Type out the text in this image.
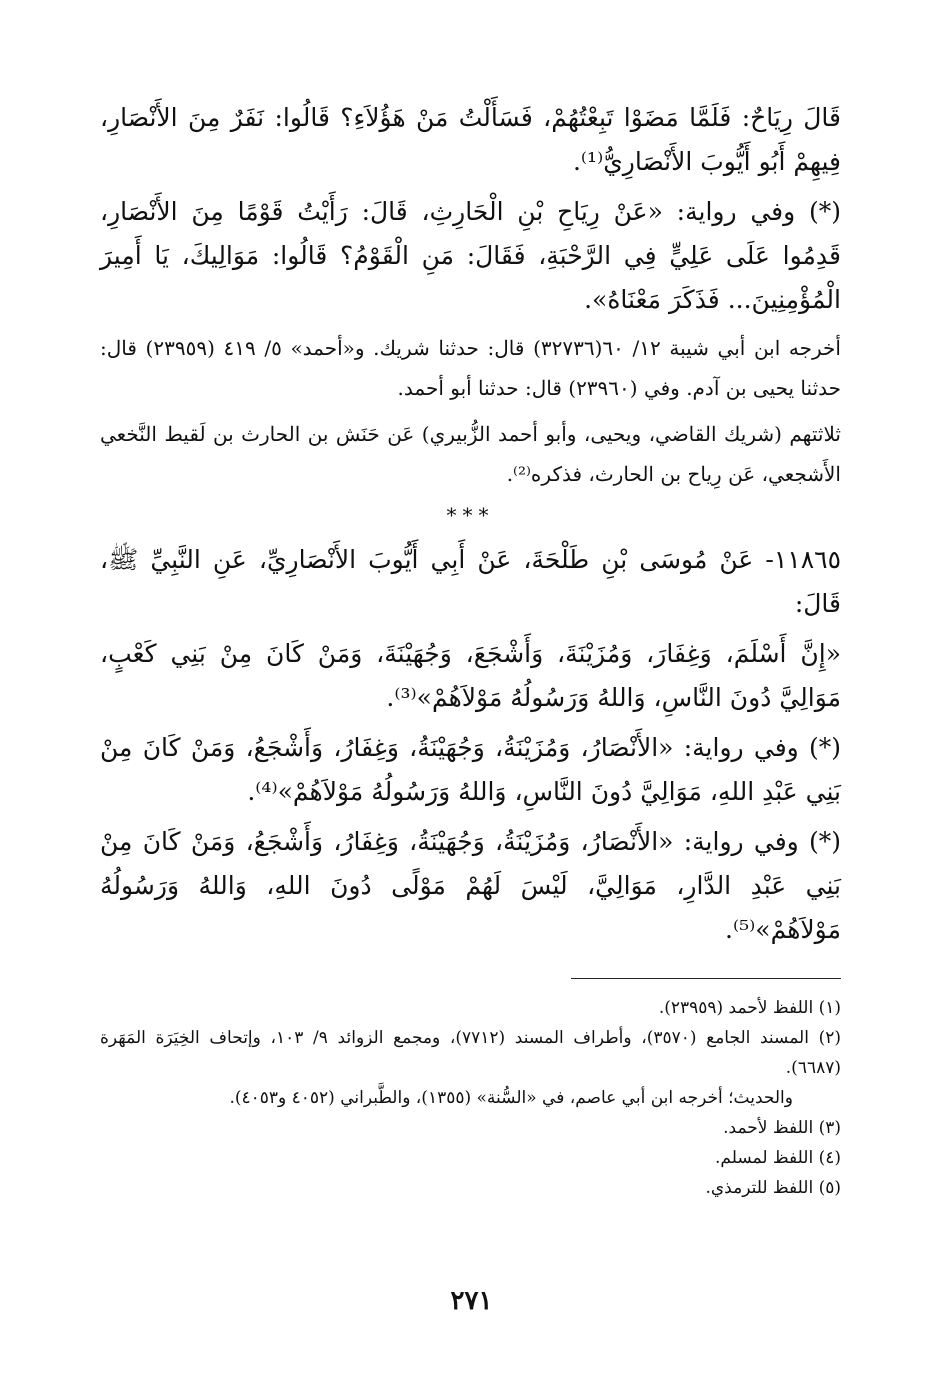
قَالَ رِيَاحٌ: فَلَمَّا مَضَوْا تَبِعْتُهُمْ، فَسَأَلْتُ مَنْ هَؤُلاَءِ؟ قَالُوا: نَفَرٌ مِنَ الأَنْصَارِ، فِيهِمْ أَبُو أَيُّوبَ الأَنْصَارِيُّ⁽¹⁾.

(*) وفي رواية: «عَنْ رِيَاحِ بْنِ الْحَارِثِ، قَالَ: رَأَيْتُ قَوْمًا مِنَ الأَنْصَارِ، قَدِمُوا عَلَى عَلِيٍّ فِي الرَّحْبَةِ، فَقَالَ: مَنِ الْقَوْمُ؟ قَالُوا: مَوَالِيكَ، يَا أَمِيرَ الْمُؤْمِنِينَ... فَذَكَرَ مَعْنَاهُ».

أخرجه ابن أبي شيبة ١٢/ ٦٠(٣٢٧٣٦) قال: حدثنا شريك. و«أحمد» ٥/ ٤١٩ (٢٣٩٥٩) قال: حدثنا يحيى بن آدم. وفي (٢٣٩٦٠) قال: حدثنا أبو أحمد.

ثلاثتهم (شريك القاضي، ويحيى، وأبو أحمد الزُّبيري) عَن حَنَش بن الحارث بن لَقيط النَّخعي الأَشجعي، عَن رِياح بن الحارث، فذكره⁽²⁾.

***

١١٨٦٥- عَنْ مُوسَى بْنِ طَلْحَةَ، عَنْ أَبِي أَيُّوبَ الأَنْصَارِيِّ، عَنِ النَّبِيِّ ﷺ، قَالَ:

«إِنَّ أَسْلَمَ، وَغِفَارَ، وَمُزَيْنَةَ، وَأَشْجَعَ، وَجُهَيْنَةَ، وَمَنْ كَانَ مِنْ بَنِي كَعْبٍ، مَوَالِيَّ دُونَ النَّاسِ، وَاللهُ وَرَسُولُهُ مَوْلاَهُمْ»⁽³⁾.

(*) وفي رواية: «الأَنْصَارُ، وَمُزَيْنَةُ، وَجُهَيْنَةُ، وَغِفَارُ، وَأَشْجَعُ، وَمَنْ كَانَ مِنْ بَنِي عَبْدِ اللهِ، مَوَالِيَّ دُونَ النَّاسِ، وَاللهُ وَرَسُولُهُ مَوْلاَهُمْ»⁽⁴⁾.

(*) وفي رواية: «الأَنْصَارُ، وَمُزَيْنَةُ، وَجُهَيْنَةُ، وَغِفَارُ، وَأَشْجَعُ، وَمَنْ كَانَ مِنْ بَنِي عَبْدِ الدَّارِ، مَوَالِيَّ، لَيْسَ لَهُمْ مَوْلًى دُونَ اللهِ، وَاللهُ وَرَسُولُهُ مَوْلاَهُمْ»⁽⁵⁾.

(١) اللفظ لأحمد (٢٣٩٥٩).

(٢) المسند الجامع (٣٥٧٠)، وأطراف المسند (٧٧١٢)، ومجمع الزوائد ٩/ ١٠٣، وإتحاف الخِيَرَة المَهَرة (٦٦٨٧).

والحديث؛ أخرجه ابن أبي عاصم، في «السُّنة» (١٣٥٥)، والطَّبراني (٤٠٥٢ و٤٠٥٣).

(٣) اللفظ لأحمد.

(٤) اللفظ لمسلم.

(٥) اللفظ للترمذي.

٢٧١
